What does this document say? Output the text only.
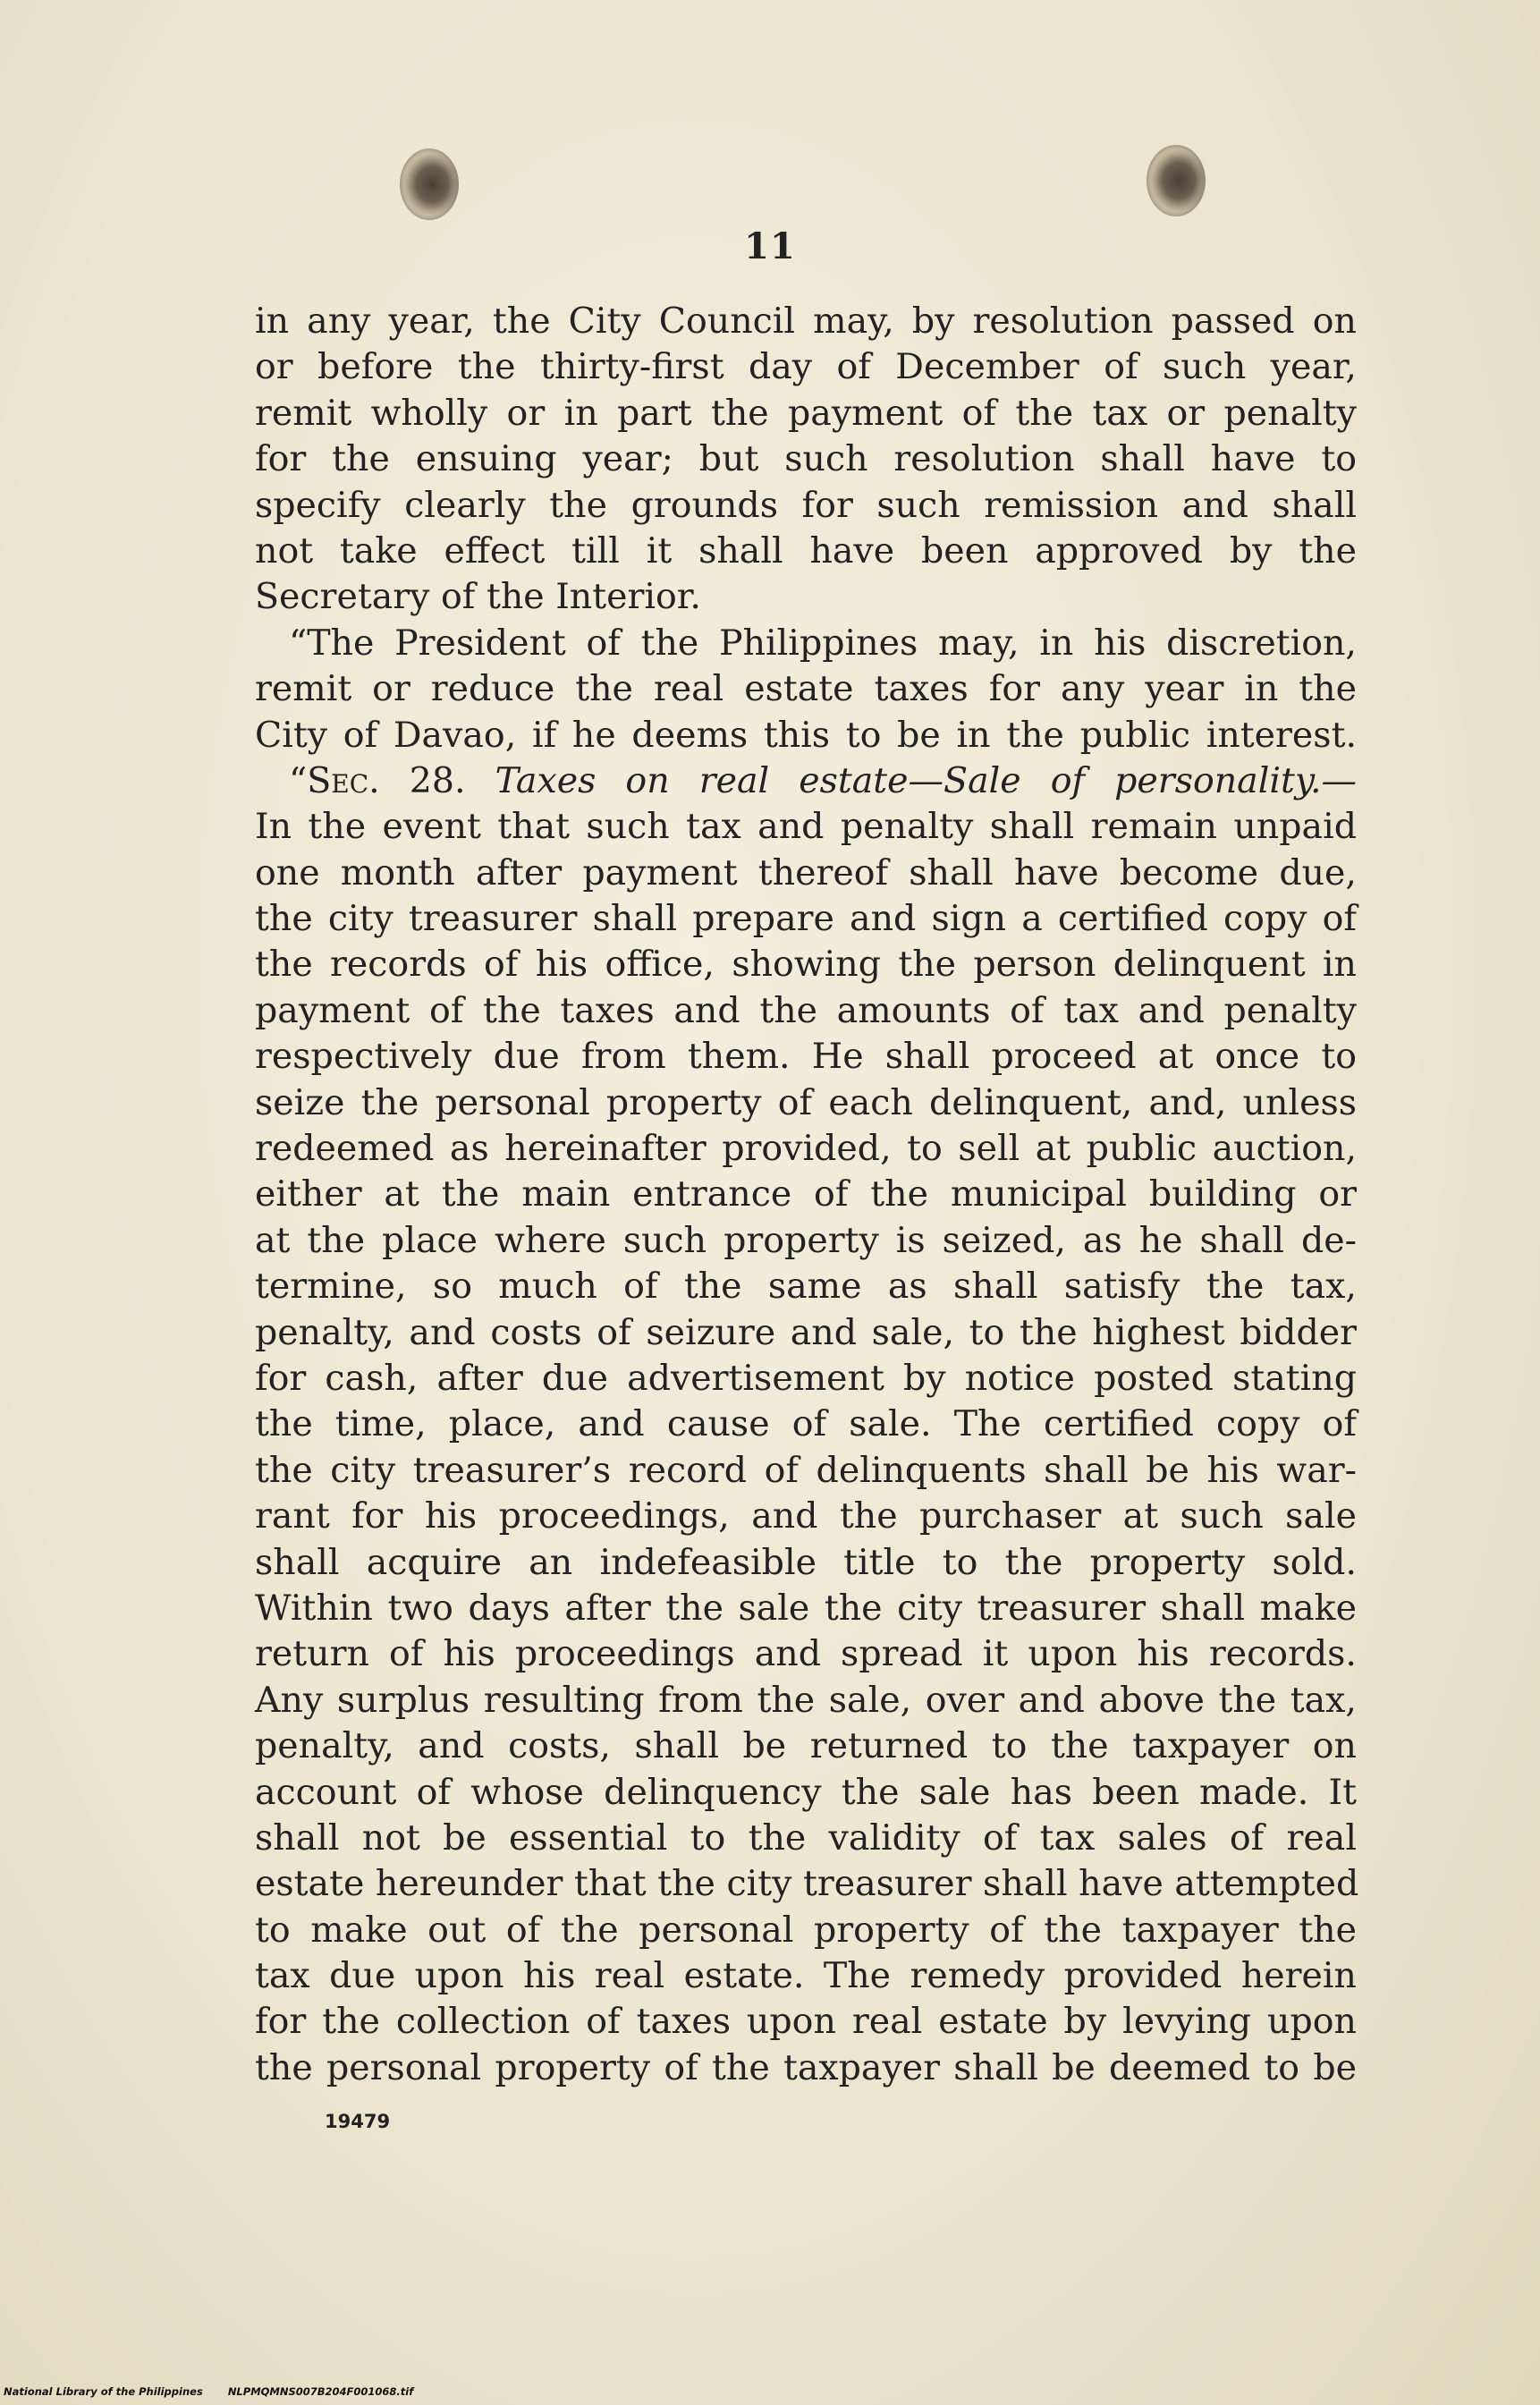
11
in any year, the City Council may, by resolution passed on
or before the thirty-first day of December of such year,
remit wholly or in part the payment of the tax or penalty
for the ensuing year; but such resolution shall have to
specify clearly the grounds for such remission and shall
not take effect till it shall have been approved by the
Secretary of the Interior.
“The President of the Philippines may, in his discretion,
remit or reduce the real estate taxes for any year in the
City of Davao, if he deems this to be in the public interest.
“Sec. 28. Taxes on real estate—Sale of personality.—
In the event that such tax and penalty shall remain unpaid
one month after payment thereof shall have become due,
the city treasurer shall prepare and sign a certified copy of
the records of his office, showing the person delinquent in
payment of the taxes and the amounts of tax and penalty
respectively due from them. He shall proceed at once to
seize the personal property of each delinquent, and, unless
redeemed as hereinafter provided, to sell at public auction,
either at the main entrance of the municipal building or
at the place where such property is seized, as he shall de-
termine, so much of the same as shall satisfy the tax,
penalty, and costs of seizure and sale, to the highest bidder
for cash, after due advertisement by notice posted stating
the time, place, and cause of sale. The certified copy of
the city treasurer’s record of delinquents shall be his war-
rant for his proceedings, and the purchaser at such sale
shall acquire an indefeasible title to the property sold.
Within two days after the sale the city treasurer shall make
return of his proceedings and spread it upon his records.
Any surplus resulting from the sale, over and above the tax,
penalty, and costs, shall be returned to the taxpayer on
account of whose delinquency the sale has been made. It
shall not be essential to the validity of tax sales of real
estate hereunder that the city treasurer shall have attempted
to make out of the personal property of the taxpayer the
tax due upon his real estate. The remedy provided herein
for the collection of taxes upon real estate by levying upon
the personal property of the taxpayer shall be deemed to be
19479
National Library of the Philippines NLPMQMNS007B204F001068.tif
